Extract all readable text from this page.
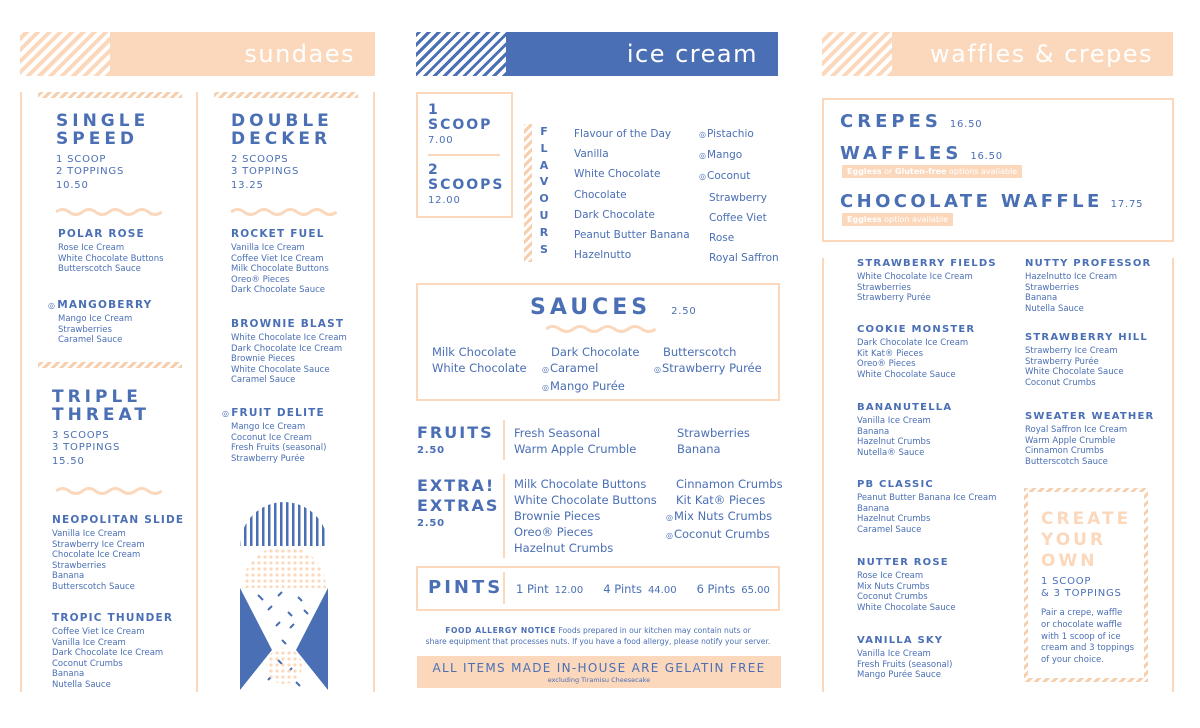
sundaes	ice cream	waffles & crepes
SINGLE
SPEED
1 SCOOP
2 TOPPINGS
10.50
DOUBLE
DECKER
2 SCOOPS
3 TOPPINGS
13.25
POLAR ROSE
Rose Ice Cream
White Chocolate Buttons
Butterscotch Sauce
◎ MANGOBERRY
Mango Ice Cream
Strawberries
Caramel Sauce
ROCKET FUEL
Vanilla Ice Cream
Coffee Viet Ice Cream
Milk Chocolate Buttons
Oreo® Pieces
Dark Chocolate Sauce
BROWNIE BLAST
White Chocolate Ice Cream
Dark Chocolate Ice Cream
Brownie Pieces
White Chocolate Sauce
Caramel Sauce
TRIPLE
THREAT
3 SCOOPS
3 TOPPINGS
15.50
◎ FRUIT DELITE
Mango Ice Cream
Coconut Ice Cream
Fresh Fruits (seasonal)
Strawberry Purée
NEOPOLITAN SLIDE
Vanilla Ice Cream
Strawberry Ice Cream
Chocolate Ice Cream
Strawberries
Banana
Butterscotch Sauce
TROPIC THUNDER
Coffee Viet Ice Cream
Vanilla Ice Cream
Dark Chocolate Ice Cream
Coconut Crumbs
Banana
Nutella Sauce
1
SCOOP
7.00
2
SCOOPS
12.00
F
L
A
V
O
U
R
S
Flavour of the Day
Vanilla
White Chocolate
Chocolate
Dark Chocolate
Peanut Butter Banana
Hazelnutto
◎ Pistachio
◎ Mango
◎ Coconut
Strawberry
Coffee Viet
Rose
Royal Saffron
SAUCES 2.50
Milk Chocolate
White Chocolate
Dark Chocolate
◎ Caramel
◎ Mango Purée
Butterscotch
◎ Strawberry Purée
FRUITS
2.50
Fresh Seasonal
Warm Apple Crumble
Strawberries
Banana
EXTRA!
EXTRAS
2.50
Milk Chocolate Buttons
White Chocolate Buttons
Brownie Pieces
Oreo® Pieces
Hazelnut Crumbs
Cinnamon Crumbs
Kit Kat® Pieces
◎ Mix Nuts Crumbs
◎ Coconut Crumbs
PINTS 1 Pint 12.00 4 Pints 44.00 6 Pints 65.00
FOOD ALLERGY NOTICE Foods prepared in our kitchen may contain nuts or
share equipment that processes nuts. If you have a food allergy, please notify your server.
ALL ITEMS MADE IN-HOUSE ARE GELATIN FREE
excluding Tiramisu Cheesecake
CREPES 16.50
WAFFLES 16.50
Eggless or Gluten-free options available
CHOCOLATE WAFFLE 17.75
Eggless option available
STRAWBERRY FIELDS
White Chocolate Ice Cream
Strawberries
Strawberry Purée
COOKIE MONSTER
Dark Chocolate Ice Cream
Kit Kat® Pieces
Oreo® Pieces
White Chocolate Sauce
BANANUTELLA
Vanilla Ice Cream
Banana
Hazelnut Crumbs
Nutella® Sauce
PB CLASSIC
Peanut Butter Banana Ice Cream
Banana
Hazelnut Crumbs
Caramel Sauce
NUTTER ROSE
Rose Ice Cream
Mix Nuts Crumbs
Coconut Crumbs
White Chocolate Sauce
VANILLA SKY
Vanilla Ice Cream
Fresh Fruits (seasonal)
Mango Purée Sauce
NUTTY PROFESSOR
Hazelnutto Ice Cream
Strawberries
Banana
Nutella Sauce
STRAWBERRY HILL
Strawberry Ice Cream
Strawberry Purée
White Chocolate Sauce
Coconut Crumbs
SWEATER WEATHER
Royal Saffron Ice Cream
Warm Apple Crumble
Cinnamon Crumbs
Butterscotch Sauce
CREATE
YOUR
OWN
1 SCOOP
& 3 TOPPINGS
Pair a crepe, waffle
or chocolate waffle
with 1 scoop of ice
cream and 3 toppings
of your choice.
